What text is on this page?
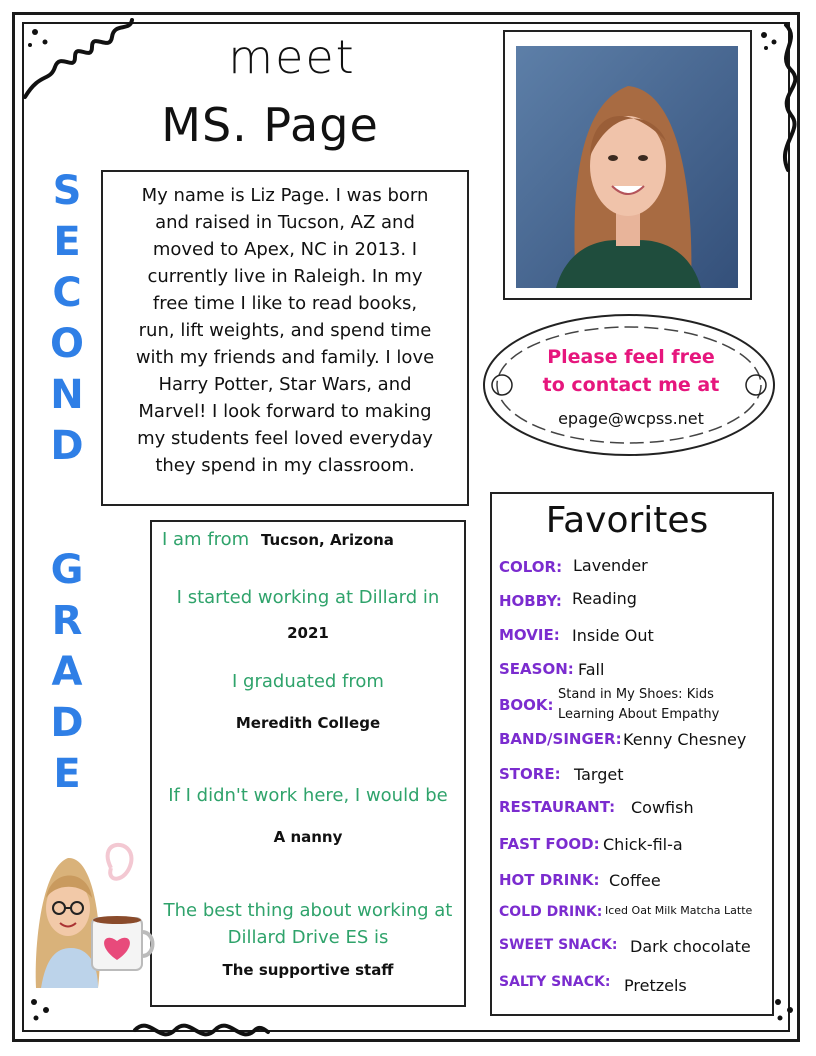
meet
MS. Page
S
E
C
O
N
D
G
R
A
D
E
My name is Liz Page. I was born
and raised in Tucson, AZ and
moved to Apex, NC in 2013. I
currently live in Raleigh. In my
free time I like to read books,
run, lift weights, and spend time
with my friends and family. I love
Harry Potter, Star Wars, and
Marvel! I look forward to making
my students feel loved everyday
they spend in my classroom.
Please feel free
to contact me at
epage@wcpss.net
I am from Tucson, Arizona
I started working at Dillard in
2021
I graduated from
Meredith College
If I didn't work here, I would be
A nanny
The best thing about working at
Dillard Drive ES is
The supportive staff
Favorites
COLOR: Lavender
HOBBY: Reading
MOVIE: Inside Out
SEASON: Fall
BOOK:
Stand in My Shoes: Kids
Learning About Empathy
BAND/SINGER: Kenny Chesney
STORE: Target
RESTAURANT: Cowfish
FAST FOOD: Chick-fil-a
HOT DRINK: Coffee
COLD DRINK: Iced Oat Milk Matcha Latte
SWEET SNACK: Dark chocolate
SALTY SNACK: Pretzels
